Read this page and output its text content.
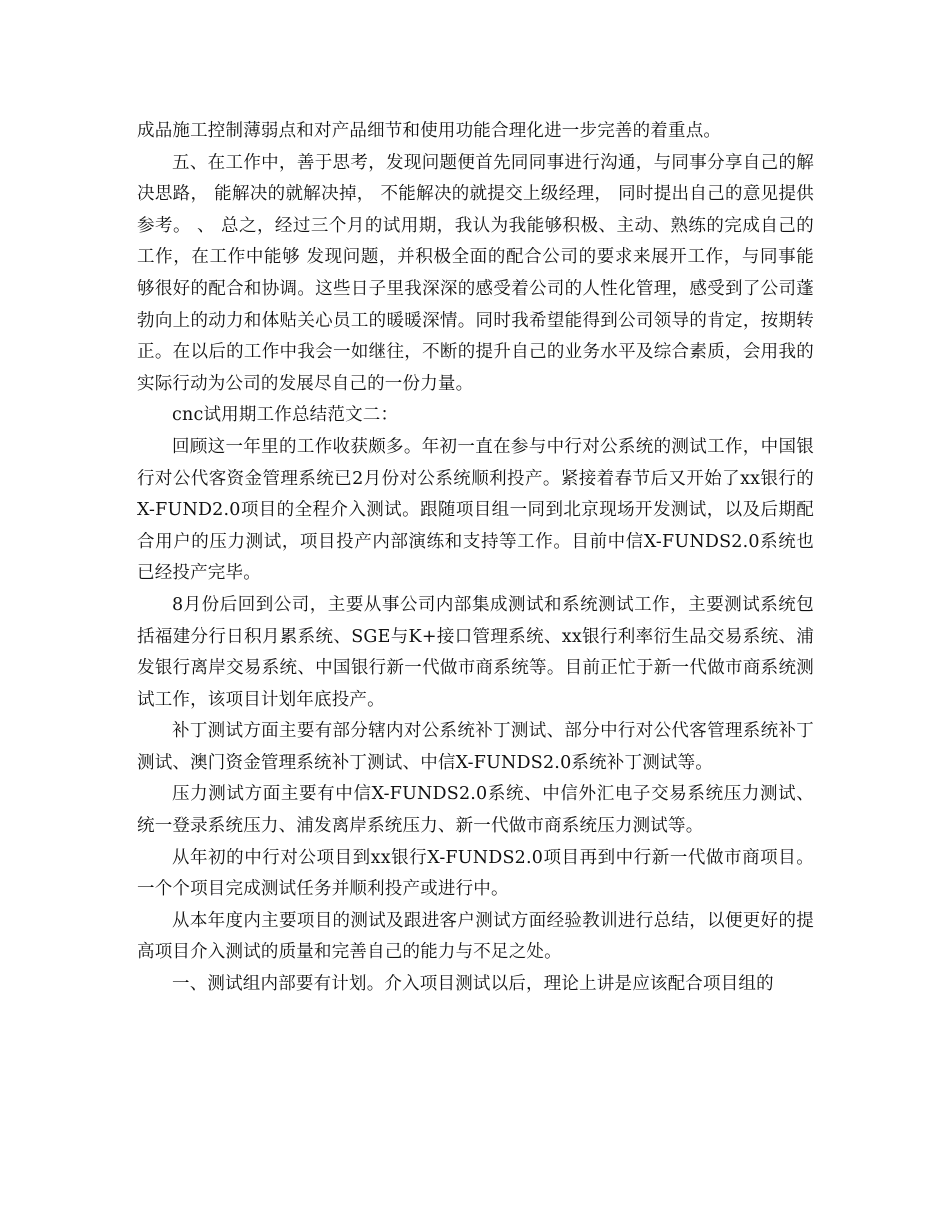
成品施工控制薄弱点和对产品细节和使用功能合理化进一步完善的着重点。

五、在工作中，善于思考，发现问题便首先同同事进行沟通，与同事分享自己的解决思路， 能解决的就解决掉， 不能解决的就提交上级经理， 同时提出自己的意见提供参考。 、 总之，经过三个月的试用期，我认为我能够积极、主动、熟练的完成自己的工作，在工作中能够 发现问题，并积极全面的配合公司的要求来展开工作，与同事能够很好的配合和协调。这些日子里我深深的感受着公司的人性化管理，感受到了公司蓬勃向上的动力和体贴关心员工的暖暖深情。同时我希望能得到公司领导的肯定，按期转正。在以后的工作中我会一如继往，不断的提升自己的业务水平及综合素质，会用我的实际行动为公司的发展尽自己的一份力量。

cnc试用期工作总结范文二：

回顾这一年里的工作收获颇多。年初一直在参与中行对公系统的测试工作，中国银行对公代客资金管理系统已2月份对公系统顺利投产。紧接着春节后又开始了xx银行的X-FUND2.0项目的全程介入测试。跟随项目组一同到北京现场开发测试，以及后期配合用户的压力测试，项目投产内部演练和支持等工作。目前中信X-FUNDS2.0系统也已经投产完毕。

8月份后回到公司，主要从事公司内部集成测试和系统测试工作，主要测试系统包括福建分行日积月累系统、SGE与K+接口管理系统、xx银行利率衍生品交易系统、浦发银行离岸交易系统、中国银行新一代做市商系统等。目前正忙于新一代做市商系统测试工作，该项目计划年底投产。

补丁测试方面主要有部分辖内对公系统补丁测试、部分中行对公代客管理系统补丁测试、澳门资金管理系统补丁测试、中信X-FUNDS2.0系统补丁测试等。

压力测试方面主要有中信X-FUNDS2.0系统、中信外汇电子交易系统压力测试、统一登录系统压力、浦发离岸系统压力、新一代做市商系统压力测试等。

从年初的中行对公项目到xx银行X-FUNDS2.0项目再到中行新一代做市商项目。一个个项目完成测试任务并顺利投产或进行中。

从本年度内主要项目的测试及跟进客户测试方面经验教训进行总结，以便更好的提高项目介入测试的质量和完善自己的能力与不足之处。

一、测试组内部要有计划。介入项目测试以后，理论上讲是应该配合项目组的
